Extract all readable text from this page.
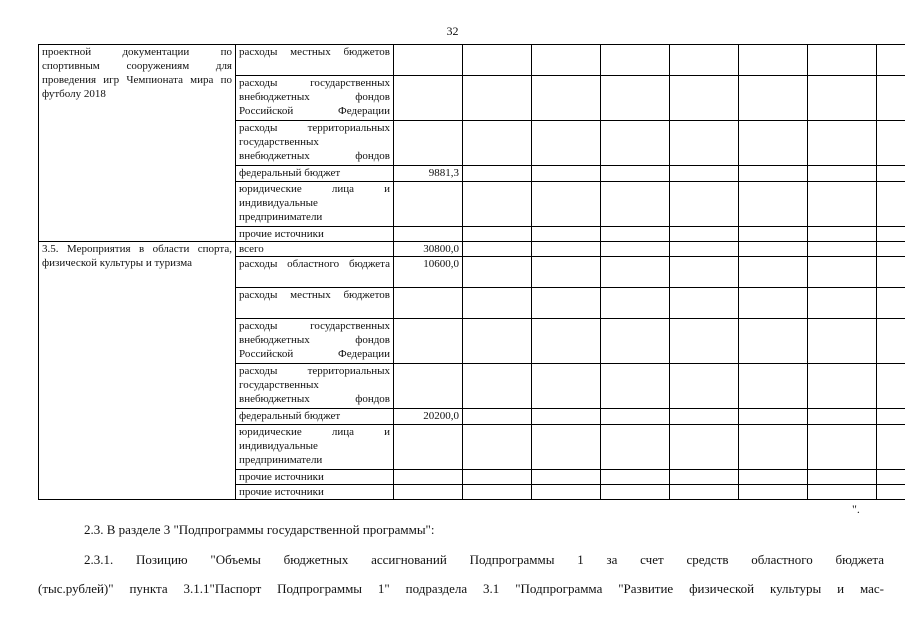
32
проектной документации по спортивным сооружениям для проведения игр Чемпионата мира по футболу 2018	расходы местных бюджетов								
	расходы государственных внебюджетных фондов Российской Федерации								
	расходы территориальных государственных внебюджетных фондов								
	федеральный бюджет	9881,3							
	юридические лица и индивидуальные предприниматели								
	прочие источники								
3.5. Мероприятия в области спорта, физической культуры и туризма	всего	30800,0							
	расходы областного бюджета	10600,0							
	расходы местных бюджетов								
	расходы государственных внебюджетных фондов Российской Федерации								
	расходы территориальных государственных внебюджетных фондов								
	федеральный бюджет	20200,0							
	юридические лица и индивидуальные предприниматели								
	прочие источники								
	прочие источники								
".

2.3. В разделе 3 "Подпрограммы государственной программы":

2.3.1. Позицию "Объемы бюджетных ассигнований Подпрограммы 1 за счет средств областного бюджета

(тыс.рублей)" пункта 3.1.1"Паспорт Подпрограммы 1" подраздела 3.1 "Подпрограмма "Развитие физической культуры и мас-
